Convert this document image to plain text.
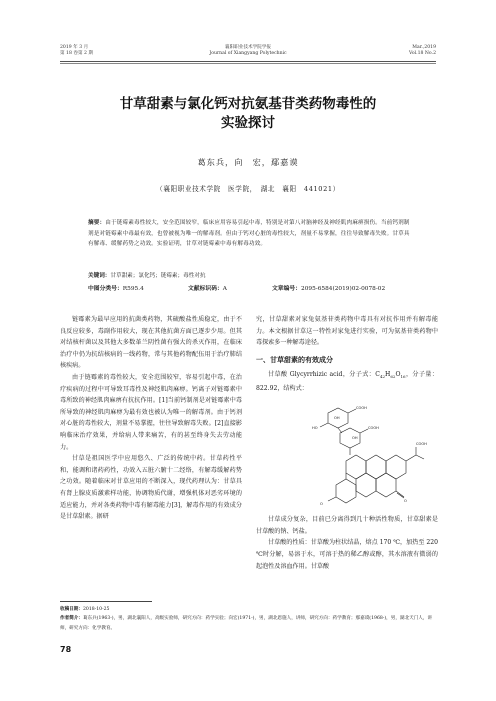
2019 年 3 月
第 18 卷第 2 期
襄阳职业技术学院学报
Journal of Xiangyang Polytechnic
Mar.,2019
Vol.18 No.2
甘草甜素与氯化钙对抗氨基苷类药物毒性的
实验探讨
葛东兵，向　宏，鄢嘉谟
（襄阳职业技术学院　医学院，　湖北　襄阳　441021）
摘要：由于链霉素毒性较大，安全范围较窄，临床应用容易引起中毒，特别是对第八对脑神经及神经肌肉麻痹损伤。当前钙剂制剂是对链霉素中毒最有效，也曾被视为唯一的解毒剂。但由于钙对心脏的毒性较大，剂量不易掌握，往往导致解毒失败。甘草具有解毒、缓解药势之功效。实验证明，甘草对链霉素中毒有解毒功效。
关键词：甘草甜素；氯化钙；链霉素；毒性对抗
中图分类号：R595.4	文献标识码：A	文章编号：2095-6584(2019)02-0078-02

链霉素为最早应用的抗菌类药物，其硫酸盐性质稳定，由于不良反应较多，毒副作用较大，现在其他抗菌方面已逐步少用。但其对结核杆菌以及其他大多数革兰阴性菌有强大的杀灭作用，在临床治疗中仍为抗结核病的一线药物，常与其他药物配伍用于治疗肺结核疾病。

由于链霉素的毒性较大，安全范围较窄，容易引起中毒，在治疗疾病的过程中可导致耳毒性及神经肌肉麻痹。钙离子对链霉素中毒所致的神经肌肉麻痹有抗抗作用。[1]当前钙制剂是对链霉素中毒所导致的神经肌肉麻痹为最有效也被认为唯一的解毒剂。由于钙剂对心脏的毒性较大，剂量不易掌握，往往导致解毒失败。[2]直接影响临床治疗效果，并给病人带来痛苦，有的甚至终身失去劳动能力。

甘草是祖国医学中应用悠久、广泛的传统中药。甘草药性平和，能调和诸药药性，功效入五脏六腑十二经络，有解毒缓解药势之功效。随着临床对甘草应用的不断深入，现代药理认为：甘草具有肾上腺皮质激素样功能，协调物质代谢，增强机体对恶劣环境的适应能力，并对各类药物中毒有解毒能力[3]，解毒作用的有效成分是甘草甜素。据研

究，甘草甜素对家兔氨基苷类药物中毒具有对抗作用并有解毒能力。本文根据甘草这一特性对家兔进行实验，可为氨基苷类药物中毒探索多一种解毒途径。

一、甘草甜素的有效成分

甘草酸 Glycyrrhizic acid，分子式：$C_{42}H_{62}O_{16}$，分子量：822.92，结构式：

甘草成分复杂，目前已分离得到几十种活性物质，甘草甜素是甘草酸的钠、钙盐。

甘草酸的性质：甘草酸为柱状结晶，熔点 170 ℃，加热至 220 ℃时分解，易溶于水，可溶于热的稀乙醇或醇，其水溶液有微弱的起泡性及溶血作用。甘草酸

COOH
COOH
HO
COOH
O
O
OH
OH
收稿日期：2018-10-25
作者简介：葛东兵(1963-)，男，湖北襄阳人，高级实验师，研究方向：药学实验；向宏(1971-)，男，湖北恩施人，讲师，研究方向：药学教育；鄢嘉谟(1968-)，男，湖北天门人，讲师，研究方向：化学教育。
78
